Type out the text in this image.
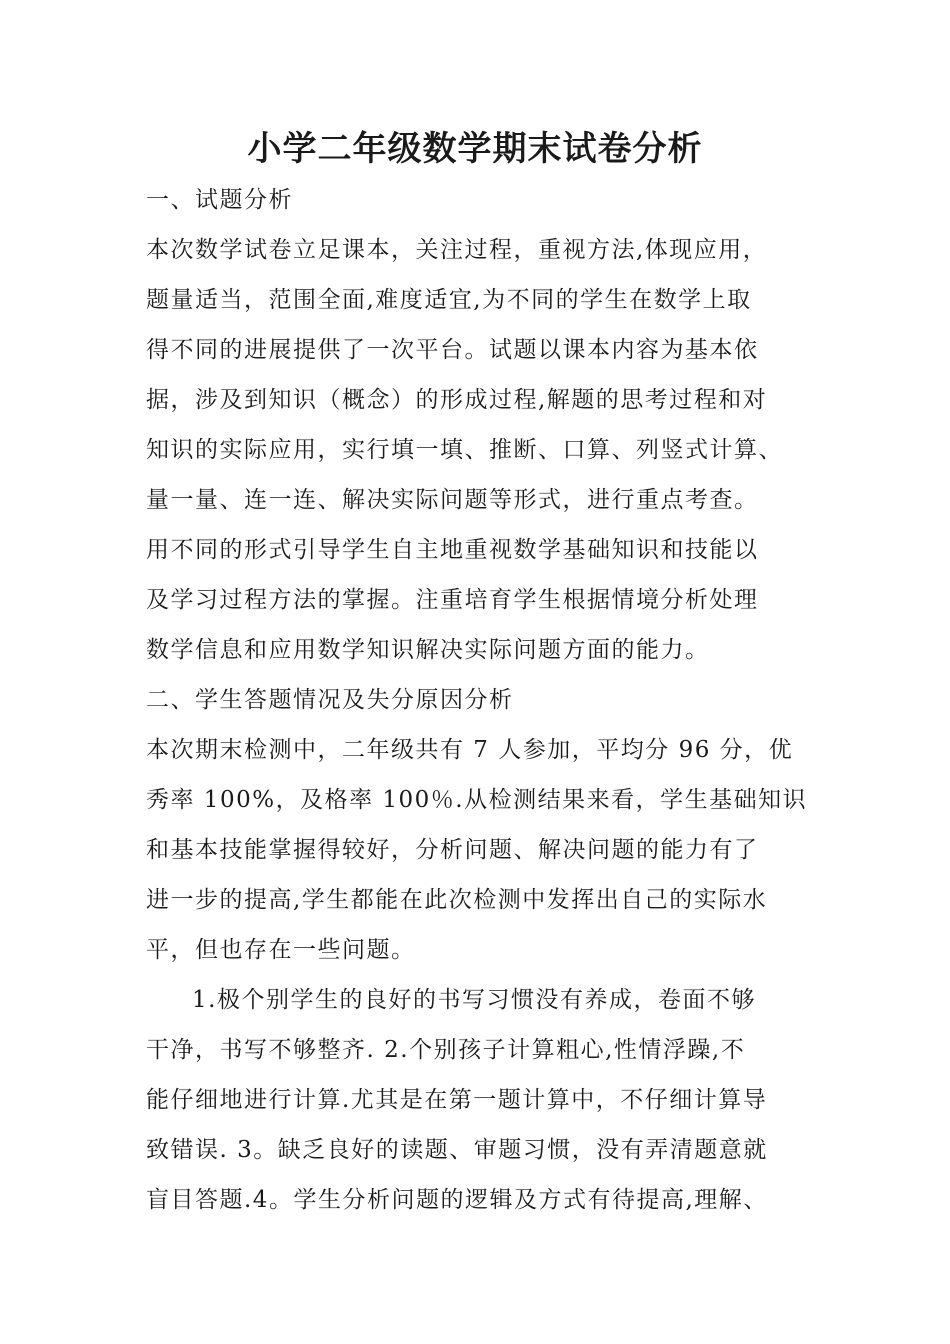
小学二年级数学期末试卷分析
一、试题分析
本次数学试卷立足课本，关注过程，重视方法,体现应用，
题量适当，范围全面,难度适宜,为不同的学生在数学上取
得不同的进展提供了一次平台。试题以课本内容为基本依
据，涉及到知识（概念）的形成过程,解题的思考过程和对
知识的实际应用，实行填一填、推断、口算、列竖式计算、
量一量、连一连、解决实际问题等形式，进行重点考查。
用不同的形式引导学生自主地重视数学基础知识和技能以
及学习过程方法的掌握。注重培育学生根据情境分析处理
数学信息和应用数学知识解决实际问题方面的能力。
二、学生答题情况及失分原因分析
本次期末检测中，二年级共有 7 人参加，平均分 96 分，优
秀率 100%，及格率 100％.从检测结果来看，学生基础知识
和基本技能掌握得较好，分析问题、解决问题的能力有了
进一步的提高,学生都能在此次检测中发挥出自己的实际水
平，但也存在一些问题。
1.极个别学生的良好的书写习惯没有养成，卷面不够
干净，书写不够整齐. 2.个别孩子计算粗心,性情浮躁,不
能仔细地进行计算.尤其是在第一题计算中，不仔细计算导
致错误. 3。缺乏良好的读题、审题习惯，没有弄清题意就
盲目答题.4。学生分析问题的逻辑及方式有待提高,理解、
